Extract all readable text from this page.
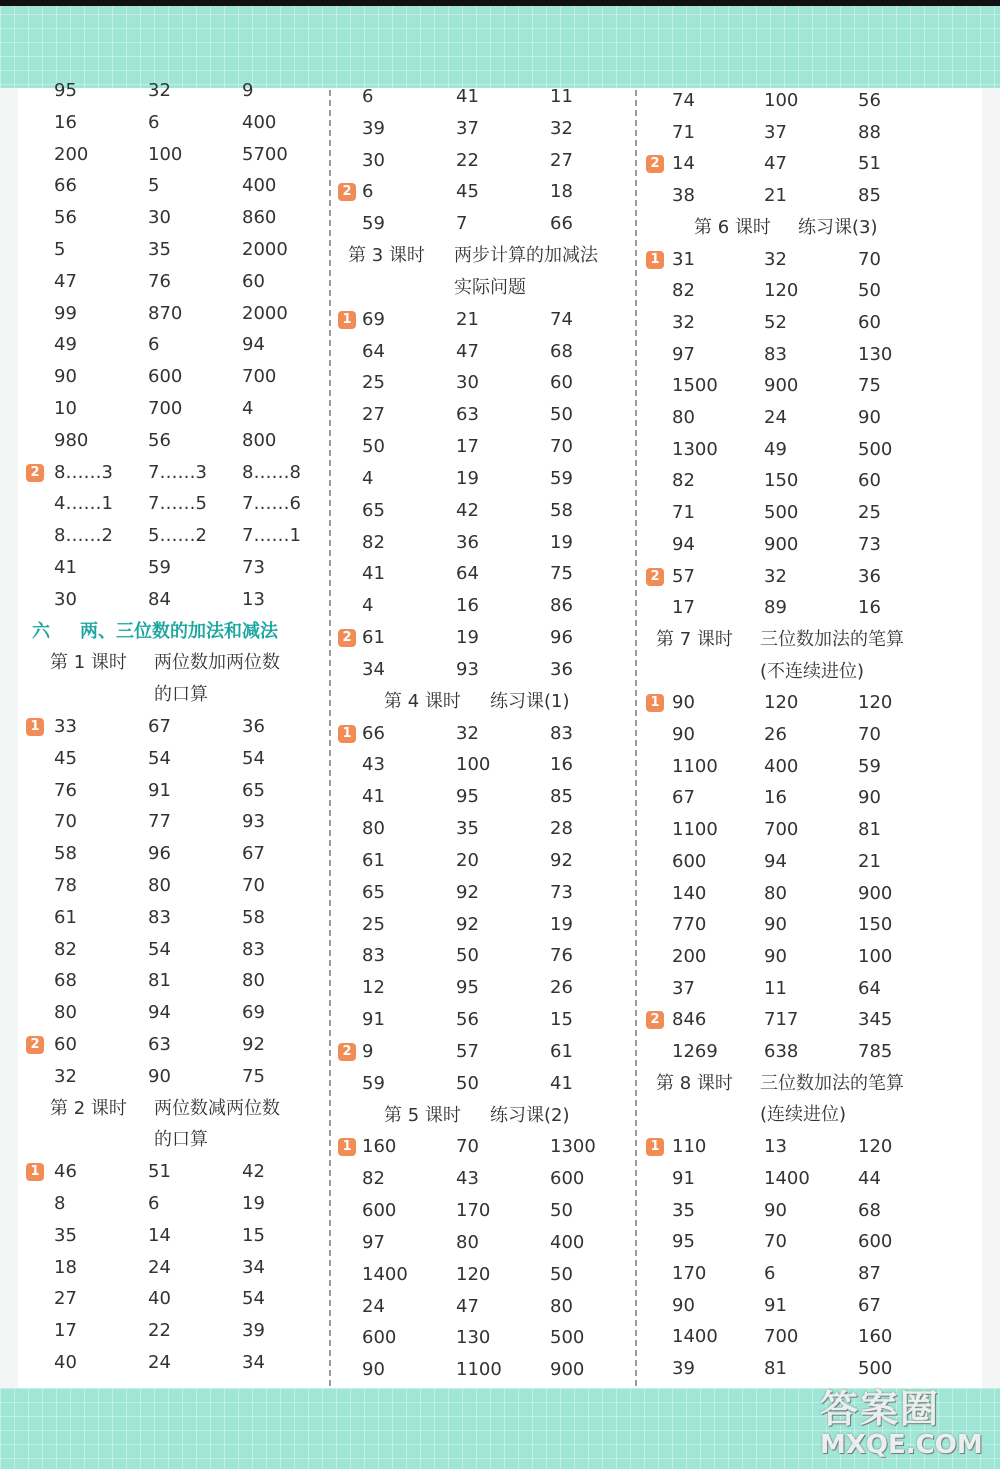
95	32	9
16	6	400
200	100	5700
66	5	400
56	30	860
5	35	2000
47	76	60
99	870	2000
49	6	94
90	600	700
10	700	4
980	56	800
2 8……3 7……3 8……8
4……1 7……5 7……6
8……2 5……2 7……1
41	59	73
30	84	13
六 两、三位数的加法和减法
第 1 课时 两位数加两位数
的口算
1 33	67	36
45	54	54
76	91	65
70	77	93
58	96	67
78	80	70
61	83	58
82	54	83
68	81	80
80	94	69
2 60	63	92
32	90	75
第 2 课时 两位数减两位数
的口算
1 46	51	42
8	6	19
35	14	15
18	24	34
27	40	54
17	22	39
40	24	34
6	41	11
39	37	32
30	22	27
2 6	45	18
59	7	66
第 3 课时 两步计算的加减法
实际问题
1 69	21	74
64	47	68
25	30	60
27	63	50
50	17	70
4	19	59
65	42	58
82	36	19
41	64	75
4	16	86
2 61	19	96
34	93	36
第 4 课时 练习课(1)
1 66	32	83
43	100	16
41	95	85
80	35	28
61	20	92
65	92	73
25	92	19
83	50	76
12	95	26
91	56	15
2 9	57	61
59	50	41
第 5 课时 练习课(2)
1 160	70	1300
82	43	600
600	170	50
97	80	400
1400	120	50
24	47	80
600	130	500
90	1100	900
74	100	56
71	37	88
2 14	47	51
38	21	85
第 6 课时 练习课(3)
1 31	32	70
82	120	50
32	52	60
97	83	130
1500	900	75
80	24	90
1300	49	500
82	150	60
71	500	25
94	900	73
2 57	32	36
17	89	16
第 7 课时 三位数加法的笔算
(不连续进位)
1 90	120	120
90	26	70
1100	400	59
67	16	90
1100	700	81
600	94	21
140	80	900
770	90	150
200	90	100
37	11	64
2 846	717	345
1269	638	785
第 8 课时 三位数加法的笔算
(连续进位)
1 110	13	120
91	1400	44
35	90	68
95	70	600
170	6	87
90	91	67
1400	700	160
39	81	500
答案圈
MXQE.COM
